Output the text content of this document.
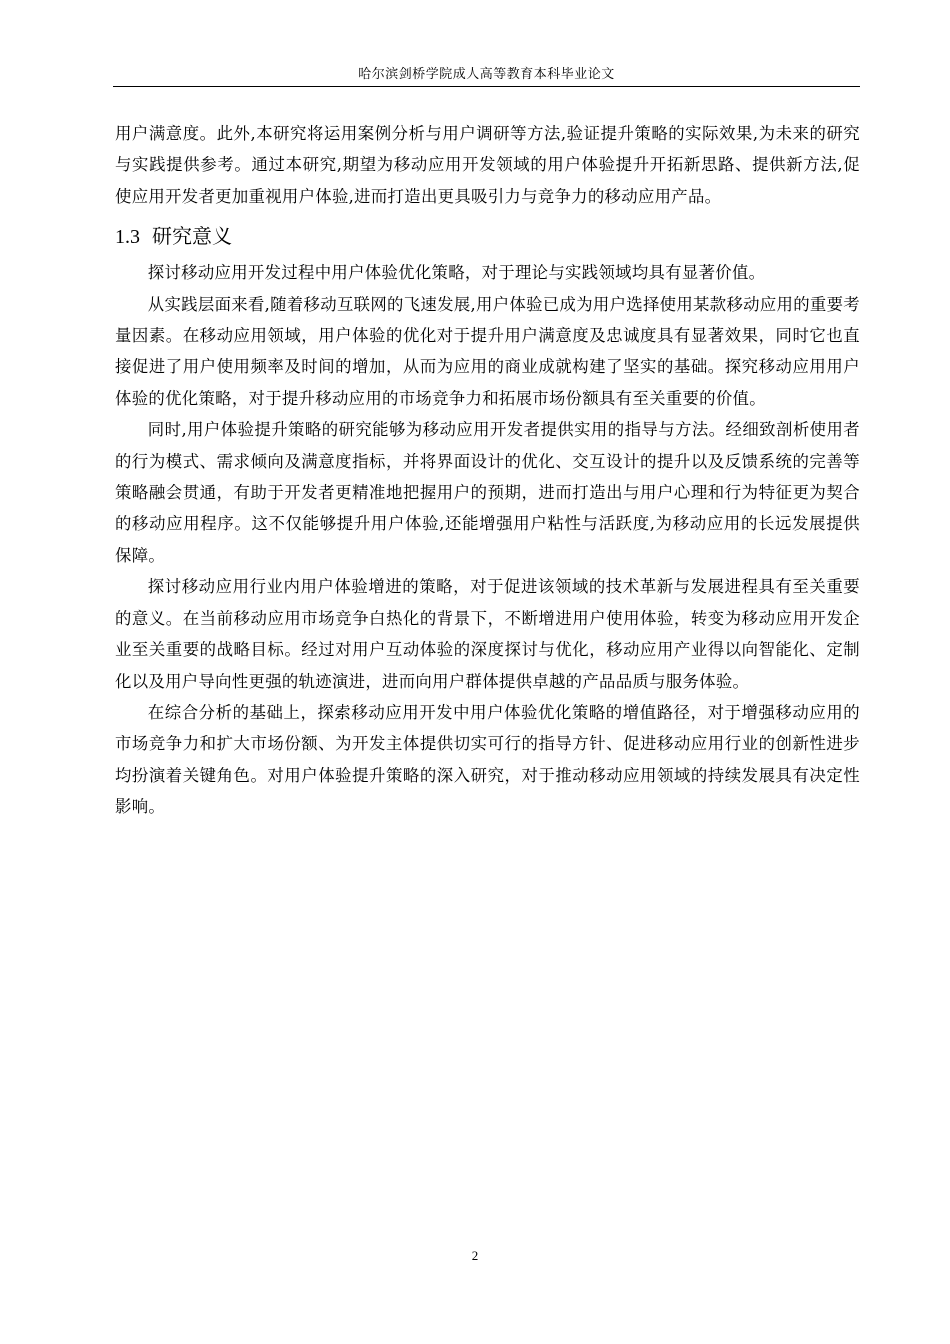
哈尔滨剑桥学院成人高等教育本科毕业论文

用户满意度。此外,本研究将运用案例分析与用户调研等方法,验证提升策略的实际效果,为未来的研究与实践提供参考。通过本研究,期望为移动应用开发领域的用户体验提升开拓新思路、提供新方法,促使应用开发者更加重视用户体验,进而打造出更具吸引力与竞争力的移动应用产品。

1.3 研究意义

探讨移动应用开发过程中用户体验优化策略，对于理论与实践领域均具有显著价值。

从实践层面来看,随着移动互联网的飞速发展,用户体验已成为用户选择使用某款移动应用的重要考量因素。在移动应用领域，用户体验的优化对于提升用户满意度及忠诚度具有显著效果，同时它也直接促进了用户使用频率及时间的增加，从而为应用的商业成就构建了坚实的基础。探究移动应用用户体验的优化策略，对于提升移动应用的市场竞争力和拓展市场份额具有至关重要的价值。

同时,用户体验提升策略的研究能够为移动应用开发者提供实用的指导与方法。经细致剖析使用者的行为模式、需求倾向及满意度指标，并将界面设计的优化、交互设计的提升以及反馈系统的完善等策略融会贯通，有助于开发者更精准地把握用户的预期，进而打造出与用户心理和行为特征更为契合的移动应用程序。这不仅能够提升用户体验,还能增强用户粘性与活跃度,为移动应用的长远发展提供保障。

探讨移动应用行业内用户体验增进的策略，对于促进该领域的技术革新与发展进程具有至关重要的意义。在当前移动应用市场竞争白热化的背景下，不断增进用户使用体验，转变为移动应用开发企业至关重要的战略目标。经过对用户互动体验的深度探讨与优化，移动应用产业得以向智能化、定制化以及用户导向性更强的轨迹演进，进而向用户群体提供卓越的产品品质与服务体验。

在综合分析的基础上，探索移动应用开发中用户体验优化策略的增值路径，对于增强移动应用的市场竞争力和扩大市场份额、为开发主体提供切实可行的指导方针、促进移动应用行业的创新性进步均扮演着关键角色。对用户体验提升策略的深入研究，对于推动移动应用领域的持续发展具有决定性影响。

2
